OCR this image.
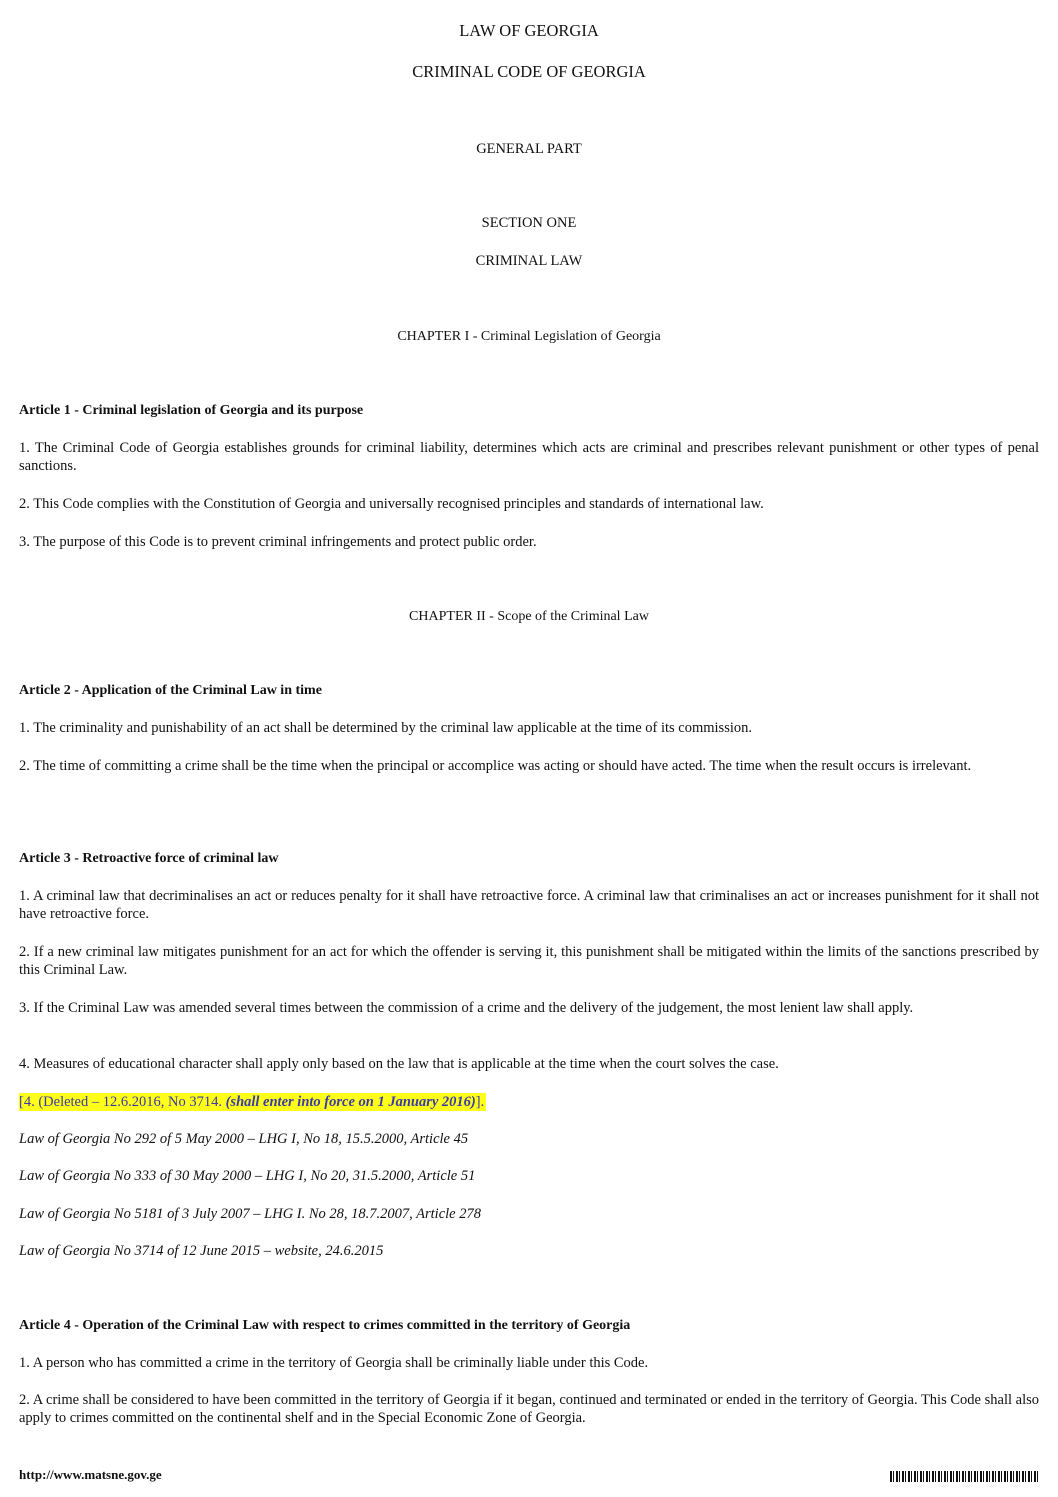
LAW OF GEORGIA

CRIMINAL CODE OF GEORGIA

GENERAL PART

SECTION ONE

CRIMINAL LAW

CHAPTER I - Criminal Legislation of Georgia

Article 1 - Criminal legislation of Georgia and its purpose

1. The Criminal Code of Georgia establishes grounds for criminal liability, determines which acts are criminal and prescribes relevant punishment or other types of penal sanctions.

2. This Code complies with the Constitution of Georgia and universally recognised principles and standards of international law.

3. The purpose of this Code is to prevent criminal infringements and protect public order.

CHAPTER II - Scope of the Criminal Law

Article 2 - Application of the Criminal Law in time

1. The criminality and punishability of an act shall be determined by the criminal law applicable at the time of its commission.

2. The time of committing a crime shall be the time when the principal or accomplice was acting or should have acted. The time when the result occurs is irrelevant.

Article 3 - Retroactive force of criminal law

1. A criminal law that decriminalises an act or reduces penalty for it shall have retroactive force. A criminal law that criminalises an act or increases punishment for it shall not have retroactive force.

2. If a new criminal law mitigates punishment for an act for which the offender is serving it, this punishment shall be mitigated within the limits of the sanctions prescribed by this Criminal Law.

3. If the Criminal Law was amended several times between the commission of a crime and the delivery of the judgement, the most lenient law shall apply.

4. Measures of educational character shall apply only based on the law that is applicable at the time when the court solves the case.

[4. (Deleted – 12.6.2016, No 3714. (shall enter into force on 1 January 2016)].

Law of Georgia No 292 of 5 May 2000 – LHG I, No 18, 15.5.2000, Article 45

Law of Georgia No 333 of 30 May 2000 – LHG I, No 20, 31.5.2000, Article 51

Law of Georgia No 5181 of 3 July 2007 – LHG I. No 28, 18.7.2007, Article 278

Law of Georgia No 3714 of 12 June 2015 – website, 24.6.2015

Article 4 - Operation of the Criminal Law with respect to crimes committed in the territory of Georgia

1. A person who has committed a crime in the territory of Georgia shall be criminally liable under this Code.

2. A crime shall be considered to have been committed in the territory of Georgia if it began, continued and terminated or ended in the territory of Georgia. This Code shall also apply to crimes committed on the continental shelf and in the Special Economic Zone of Georgia.

http://www.matsne.gov.ge
